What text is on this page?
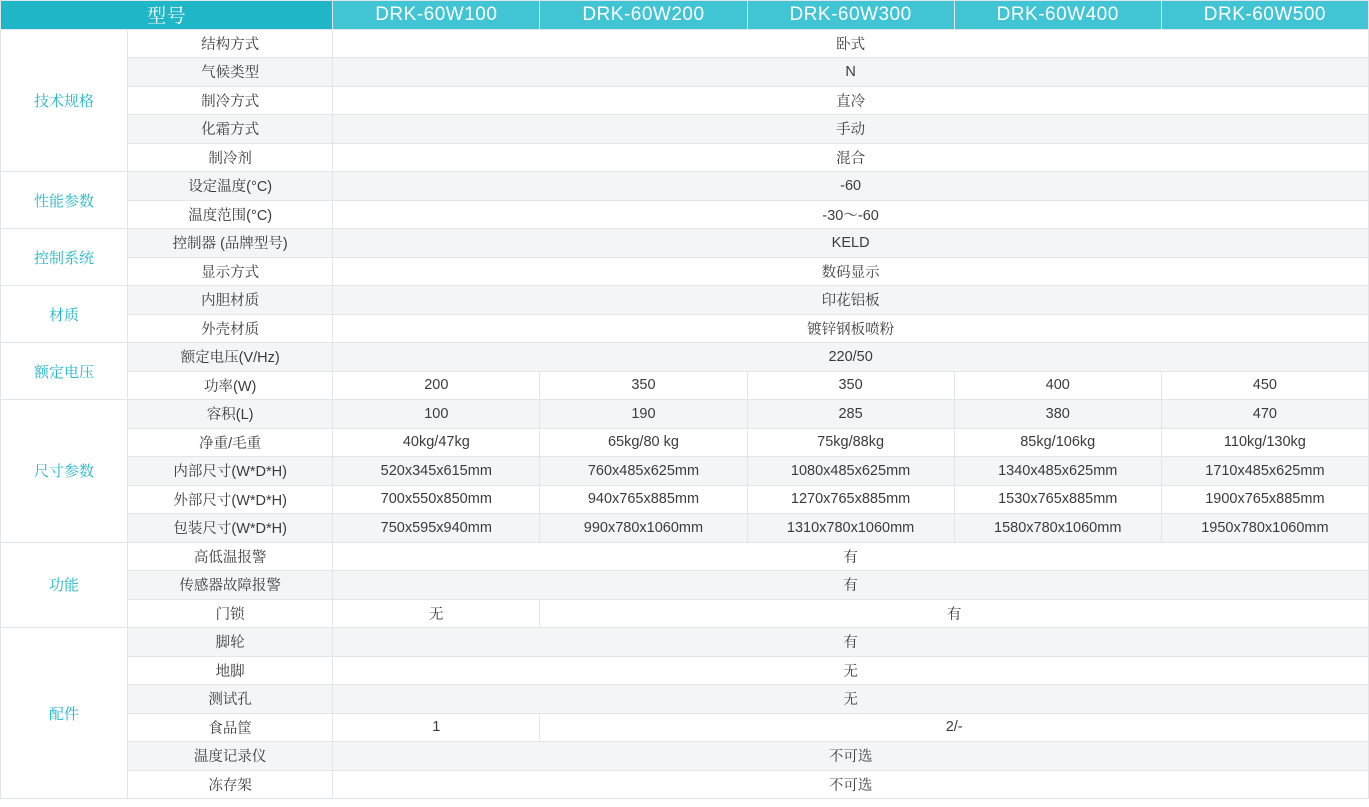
型号		DRK-60W100	DRK-60W200	DRK-60W300	DRK-60W400	DRK-60W500
技术规格	结构方式	卧式				
	气候类型	N				
	制冷方式	直冷				
	化霜方式	手动				
	制冷剂	混合				
性能参数	设定温度(°C)	-60				
	温度范围(°C)	-30～-60				
控制系统	控制器 (品牌型号)	KELD				
	显示方式	数码显示				
材质	内胆材质	印花铝板				
	外壳材质	镀锌钢板喷粉				
额定电压	额定电压(V/Hz)	220/50				
	功率(W)	200	350	350	400	450
尺寸参数	容积(L)	100	190	285	380	470
	净重/毛重	40kg/47kg	65kg/80 kg	75kg/88kg	85kg/106kg	110kg/130kg
	内部尺寸(W*D*H)	520x345x615mm	760x485x625mm	1080x485x625mm	1340x485x625mm	1710x485x625mm
	外部尺寸(W*D*H)	700x550x850mm	940x765x885mm	1270x765x885mm	1530x765x885mm	1900x765x885mm
	包装尺寸(W*D*H)	750x595x940mm	990x780x1060mm	1310x780x1060mm	1580x780x1060mm	1950x780x1060mm
功能	高低温报警	有				
	传感器故障报警	有				
	门锁	无	有			
配件	脚轮	有				
	地脚	无				
	测试孔	无				
	食品筐	1	2/-			
	温度记录仪	不可选				
	冻存架	不可选				
